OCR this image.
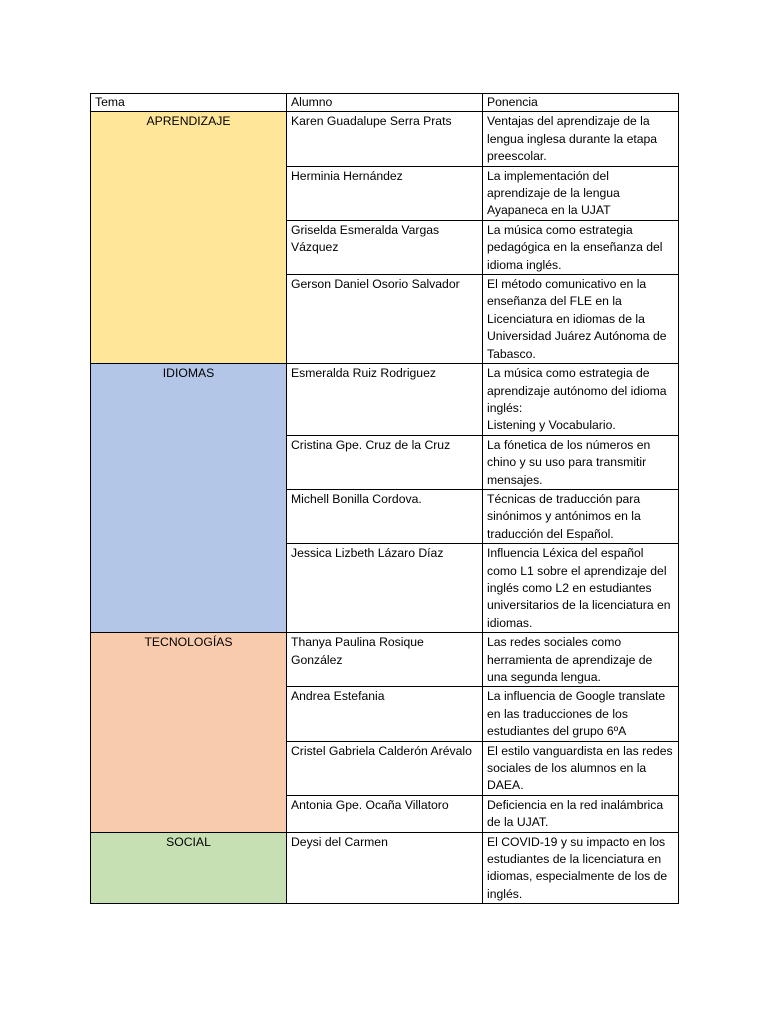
Tema	Alumno	Ponencia
APRENDIZAJE	Karen Guadalupe Serra Prats	Ventajas del aprendizaje de la lengua inglesa durante la etapa preescolar.
	Herminia Hernández	La implementación del aprendizaje de la lengua Ayapaneca en la UJAT
	Griselda Esmeralda Vargas Vázquez	La música como estrategia pedagógica en la enseñanza del idioma inglés.
	Gerson Daniel Osorio Salvador	El método comunicativo en la enseñanza del FLE en la Licenciatura en idiomas de la Universidad Juárez Autónoma de Tabasco.
IDIOMAS	Esmeralda Ruiz Rodriguez	La música como estrategia de aprendizaje autónomo del idioma inglés:
Listening y Vocabulario.

	Cristina Gpe. Cruz de la Cruz	La fónetica de los números en chino y su uso para transmitir mensajes.
	Michell Bonilla Cordova.	Técnicas de traducción para sinónimos y antónimos en la traducción del Español.
	Jessica Lizbeth Lázaro Díaz	Influencia Léxica del español como L1 sobre el aprendizaje del inglés como L2 en estudiantes universitarios de la licenciatura en idiomas.
TECNOLOGÍAS	Thanya Paulina Rosique González	Las redes sociales como herramienta de aprendizaje de una segunda lengua.
	Andrea Estefania	La influencia de Google translate en las traducciones de los estudiantes del grupo 6ºA
	Cristel Gabriela Calderón Arévalo	El estilo vanguardista en las redes sociales de los alumnos en la DAEA.
	Antonia Gpe. Ocaña Villatoro	Deficiencia en la red inalámbrica de la UJAT.
SOCIAL	Deysi del Carmen	El COVID-19 y su impacto en los estudiantes de la licenciatura en idiomas, especialmente de los de inglés.
